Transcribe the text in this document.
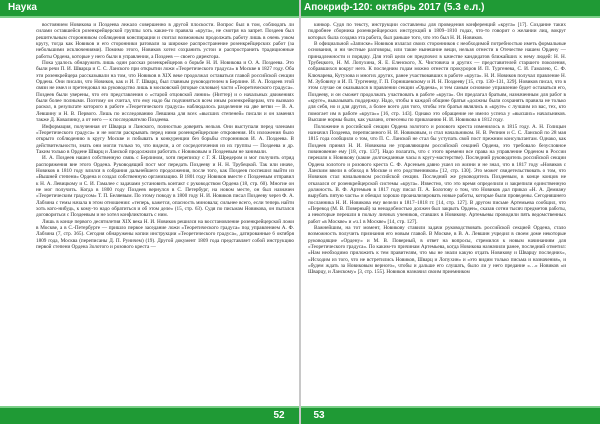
Наука

востоянием Новикова и Поздеева лежало совершенно в другой плоскости. Вопрос был в том, соблюдать ли силами оставшейся розенкрейцерской группы хоть какие-то правила «круга», не смотря на запрет. Поздеев был решительным сторонником соблюдения конспирации и считал возможным продолжать работу лишь в очень узком кругу, тогда как Новиков и его сторонники ратовали за широкое распространение розенкрейцерских работ (за небольшими исключениями). Помимо этого, Новиков хотел сохранить устои и распространить традиционные работы Ордена, которые у него были в управлении, а Поздеев — своего директора.

Пока удалось обнаружить лишь один рассказ розенкрейцеров о борьбе Н. И. Новикова и О. А. Поздеева. Это были речи П. И. Шварца и С. С. Ланского при открытии ложи «Теоретического градуса» в Москве в 1827 году. Оба эти розенкрейцера рассказывали на том, что Новиков в XIX веке продолжал оставаться главой российской секции Ордена. Они писали, что Новиков, как и И. Г. Шварц, был главным руководителем в Берлине. И. А. Поздеев этой связи не имел и претендовал на руководство лишь в московской (вторые силовые) части «Теоретического градуса». Поздеев были уверены, что его представления о «старой отцовской линии» (Ниттер) и о начальных движениях были более полными. Поэтому он считал, что ему надо бы подчиняться всем иным розенкрейцерам, что вызвало раскол, в результате которого в работе «Теоретического градуса» наблюдалось разделение на две ветви — В. А. Левшину и Н. В. Первого. Лишь по исследованию Левшина для всех «высших степеней» писали и он заменял также Д. Ковалинку, а от него — к последователю Поздеева.

Информация, полученная от Шварца и Ланского, полностью доверять нельзя. Они выступали перед членами «Теоретического градуса» и не могли раскрывать перед ними розенкрейцерские откровения. Их изложения было открыто соблюдению в кругу Москве и побывать в конкуренции без борьбы сторонников И. А. Поздеева. В действительности, знать они могли только то, что видели, а от сосредоточения из их группы — Поздеева и др. Таким только в Ордене Шварц и Ланской продолжили работать с Новиковым и Поздеевым не занимали.

И. А. Поздеев нашел собственную связь с Берлином, хотя переписку с Г. Я. Шредером и мог получить отряд распоряжения вне этого Ордена. Руководящий пост мог передать Поздееву и Н. Н. Трубецкой. Так или иначе, Новиков в 1810 году влился в собрания дальнейшего продолжения, после того, как Поздеев поспешил выйти из «Вышней степени» Ордена и создал собственную организацию. В 1801 году Новиков вместе с Поздеевым отправил к Н. А. Левицкому и С. И. Гамалее с задачами установить контакт с руководством Ордена (18, стр. 60). Многие он не мог получить. Когда в 1800 году Поздеев вернулся в С. Петербург, на новом месте, он был назначен «Теоретическим градусом» Т. П. Беляевым. По этому поводу в 1800 году Н. И. Новиков писал Поздееву через Ф. А. Лабзина с темы начала в этом отношении: «теперь, кажется, опасность миновала; сильнее всего, если теперь найти хоть кого-нибудь, к кому-то надо обратиться и об этом деле» (15, стр. 63). Судя по письмам Новикова, он пытался договориться с Поздеевым и не хотел конфликтовать с ним.

Лишь в конце первого десятилетия XIX века Н. И. Новиков решился на восстановление розенкрейцерской ложи в Москве, а в С.-Петербурге — пришло первое заседание ложи «Теоретического градуса» под управлением А. Ф. Лабзина (7, стр. 365). Сегодня обнаружены копии инструкции «Теоретического градуса», датированные 6 октября 1809 года, Москва (переписаны Д. П. Руничем) (19). Другой документ 1809 года представляет собой инструкцию первой степени Ордена Золотого и розового креста —

52
Апокриф-120: октябрь 2017 (5.3 е.л.)

кинкор. Судя по тексту, инструкции составлены для проведения конференций «круга» [17]. Создание таких подробнее сборника розенкрейцерских инструкций в 1809–1810 годах, что-то говорит о желании лиц, вокруг которых была создана эта работа, был раньше того, что это был Н. И. Новиков.

В официальной «Записке» Новиков излагал своих сторонников с необходимой потребностью иметь формальные основания, и ни честные разговоры, или такие нынешние вещи, нельзя отнести в Отечестве нашем Ордену — принадлежности и порядку. Для этой цели он предпочел в качестве кандидатов ближайших к нему людей: Н. Н. Трубецкого, Н. М. Лопухина, Я. Е. Еленского, Х. Чистовича и других — представителей старшего поколения, собравшихся вокруг него. К последним годам можно отнести прокуроров И. П. Тургенева, С. И. Гамалею, С. Ф. Ключарева, Кутузова и многих других, ранее участвовавших в работе «круга». Н. И. Новиков получал правление Н. М. Зубовичу и И. П. Тургеневу, Г. П. Горнишевскому и И. Н. Поздееву [15, стр. 130–131, 329]. Новиков писал, что в этом случае он оказывался в правлении секции «Ордена», и тем самым основное управление будет оставаться его, Поздееву, и он сможет продолжать участвовать в работе «круга». Он предлагал братьям, назначенным для работ в «круге», выказывать поддержку. Надо, чтобы в каждой общине братья «должны были сохранять правила не только для себя, но и для других, а более всего для того, чтобы эти братья являлись в «круге» с лучшим из вас, тех, кто помогает им в работе «круга»» [16, стр. 143]. Однако это обращение не имело успеха у «высших» начальников. Высшие нормы были, как указано, отнесены по приказанию Н. И. Новикова в 1812 году.

Положение в российской секции Ордена золотого и розового креста изменилось в 1815 году. А. Н. Голицын назначил Поздеева, переписанного Н. И. Новиковым, и стал начальником. Н. В. Репнин и С. С. Ланской по 28 мая 1815 года сообщили о том, что П. С. Ланской не стал бы уступать свой пост прежним консультантам. Однако, как Поздеев принял Н. И. Новикова не управляющим российской секцией Ордена, это требовало безусловное повиновение ему [18, стр. 137]. Надо полагать, что с этого времени все права на управление Орденом в России перешли к Новикову (какие долгожданные часы в кругу-мастерстве). Последний руководитель российской секции Ордена золотого и розового креста С. Ф. Арсеньев давно ушел из жизни и не знал, что в 1817 году «Новиков с Ланским ввели в обиход в Москве и его родственников» [12, стр. 130]. Это может свидетельствовать о том, что Новиков стал начальником российской секции. Последний же руководитель Поздеевым, в конце концов не отказался от розенкрейцерской системы «круга». Известно, что это время определили и закрепили единственную должность. В. Ф. Артемьев в 1817 году писал П. А. Болотову о том, что Новиков дал приказ «Н. А. Демиану вырубать пятую часть» и обещал хорошо проанализировать новые работы, которые были проведены. Сегодняшнего посланника Н. И. Новикова ему велели в 1817–1818 гг. [14, стр. 127]. В другом письме Артемьева сообщил, что «Перевод (М. В. Поверный) за ненадобностью должен был закрыть Орден», сказав сотни тысяч предметов работы, а некоторые перешли в пользу личных учеников, ставших в Новикову. Артемьевы проводили пять ведомственных работ «в Москве» и «ч.1 в Москве» [14, стр. 127].

Важнейшим, на тот момент, Новикову ставили задачи руководствовать российской секцией Ордена, стало возможность получить признания его новым главой. В Москве, в В. А. Левшин учредил в своем доме некоторые руководящие «Ордену» и М. В. Поверный, в ответ на вопросы, стремился к новым начинаниям для «Теоретического градуса». По каким-то причинам Артемьева, когда Новикова назначили ранее, последний отметил: «Нам необходимо приложить к тем правителям, что мы не знали какую отдать Новикову и Шварцу последних», «Исходим из того, что не встретились Новиков, Шварц и Лопухин» и «это видим только письма и назначения», и «будем ждать за Новиковым верного», чтобы и дальше его слушать, было ли у него предание «…» Новиков «и Шварцу, и Ланскому» [3, стр. 155]. Новиков назначил своим приемником

53
